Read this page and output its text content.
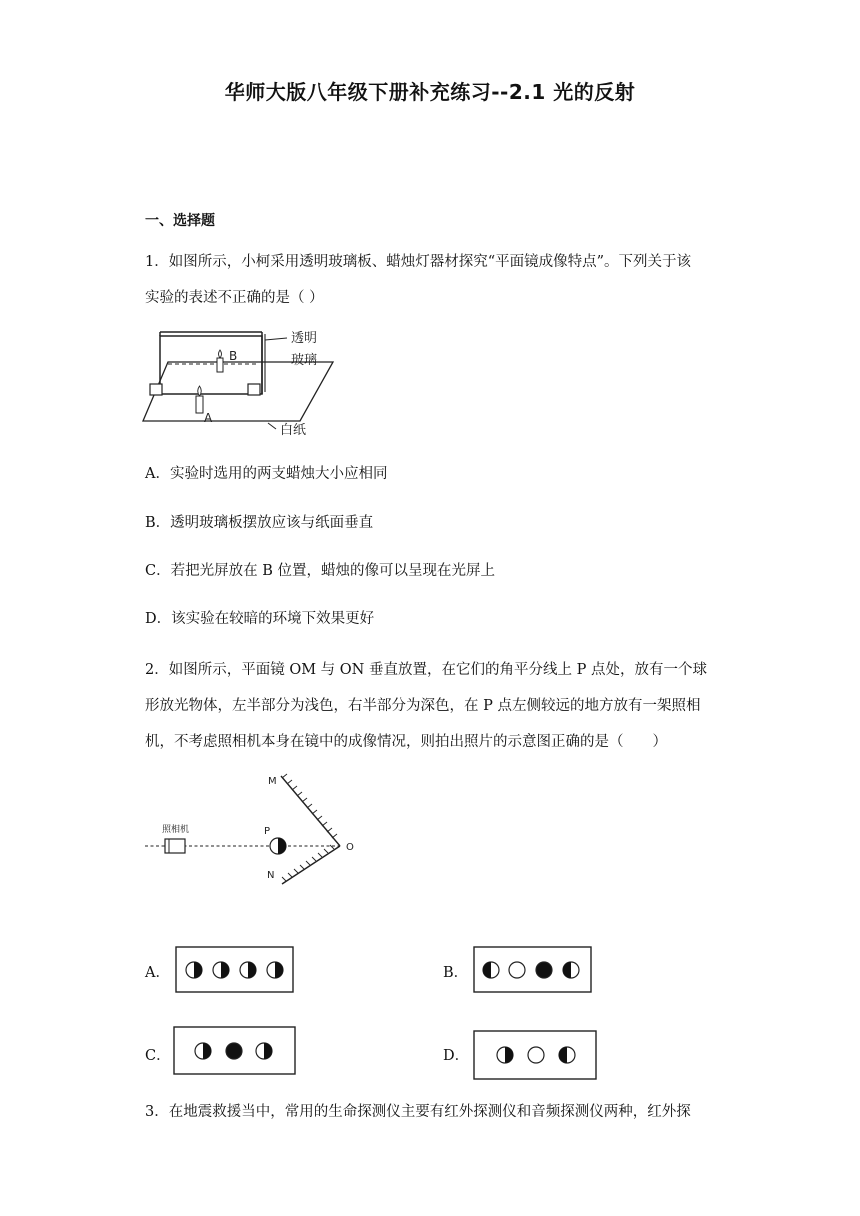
华师大版八年级下册补充练习--2.1 光的反射
一、选择题
1．如图所示，小柯采用透明玻璃板、蜡烛灯器材探究“平面镜成像特点”。下列关于该
实验的表述不正确的是（ ）
B
A
透明
玻璃
白纸
A．实验时选用的两支蜡烛大小应相同
B．透明玻璃板摆放应该与纸面垂直
C．若把光屏放在 B 位置，蜡烛的像可以呈现在光屏上
D．该实验在较暗的环境下效果更好
2．如图所示，平面镜 OM 与 ON 垂直放置，在它们的角平分线上 P 点处，放有一个球
形放光物体，左半部分为浅色，右半部分为深色，在 P 点左侧较远的地方放有一架照相
机，不考虑照相机本身在镜中的成像情况，则拍出照片的示意图正确的是（　　）
照相机	P
M
O
N
A．	B．
C．	D．
3．在地震救援当中，常用的生命探测仪主要有红外探测仪和音频探测仪两种，红外探
